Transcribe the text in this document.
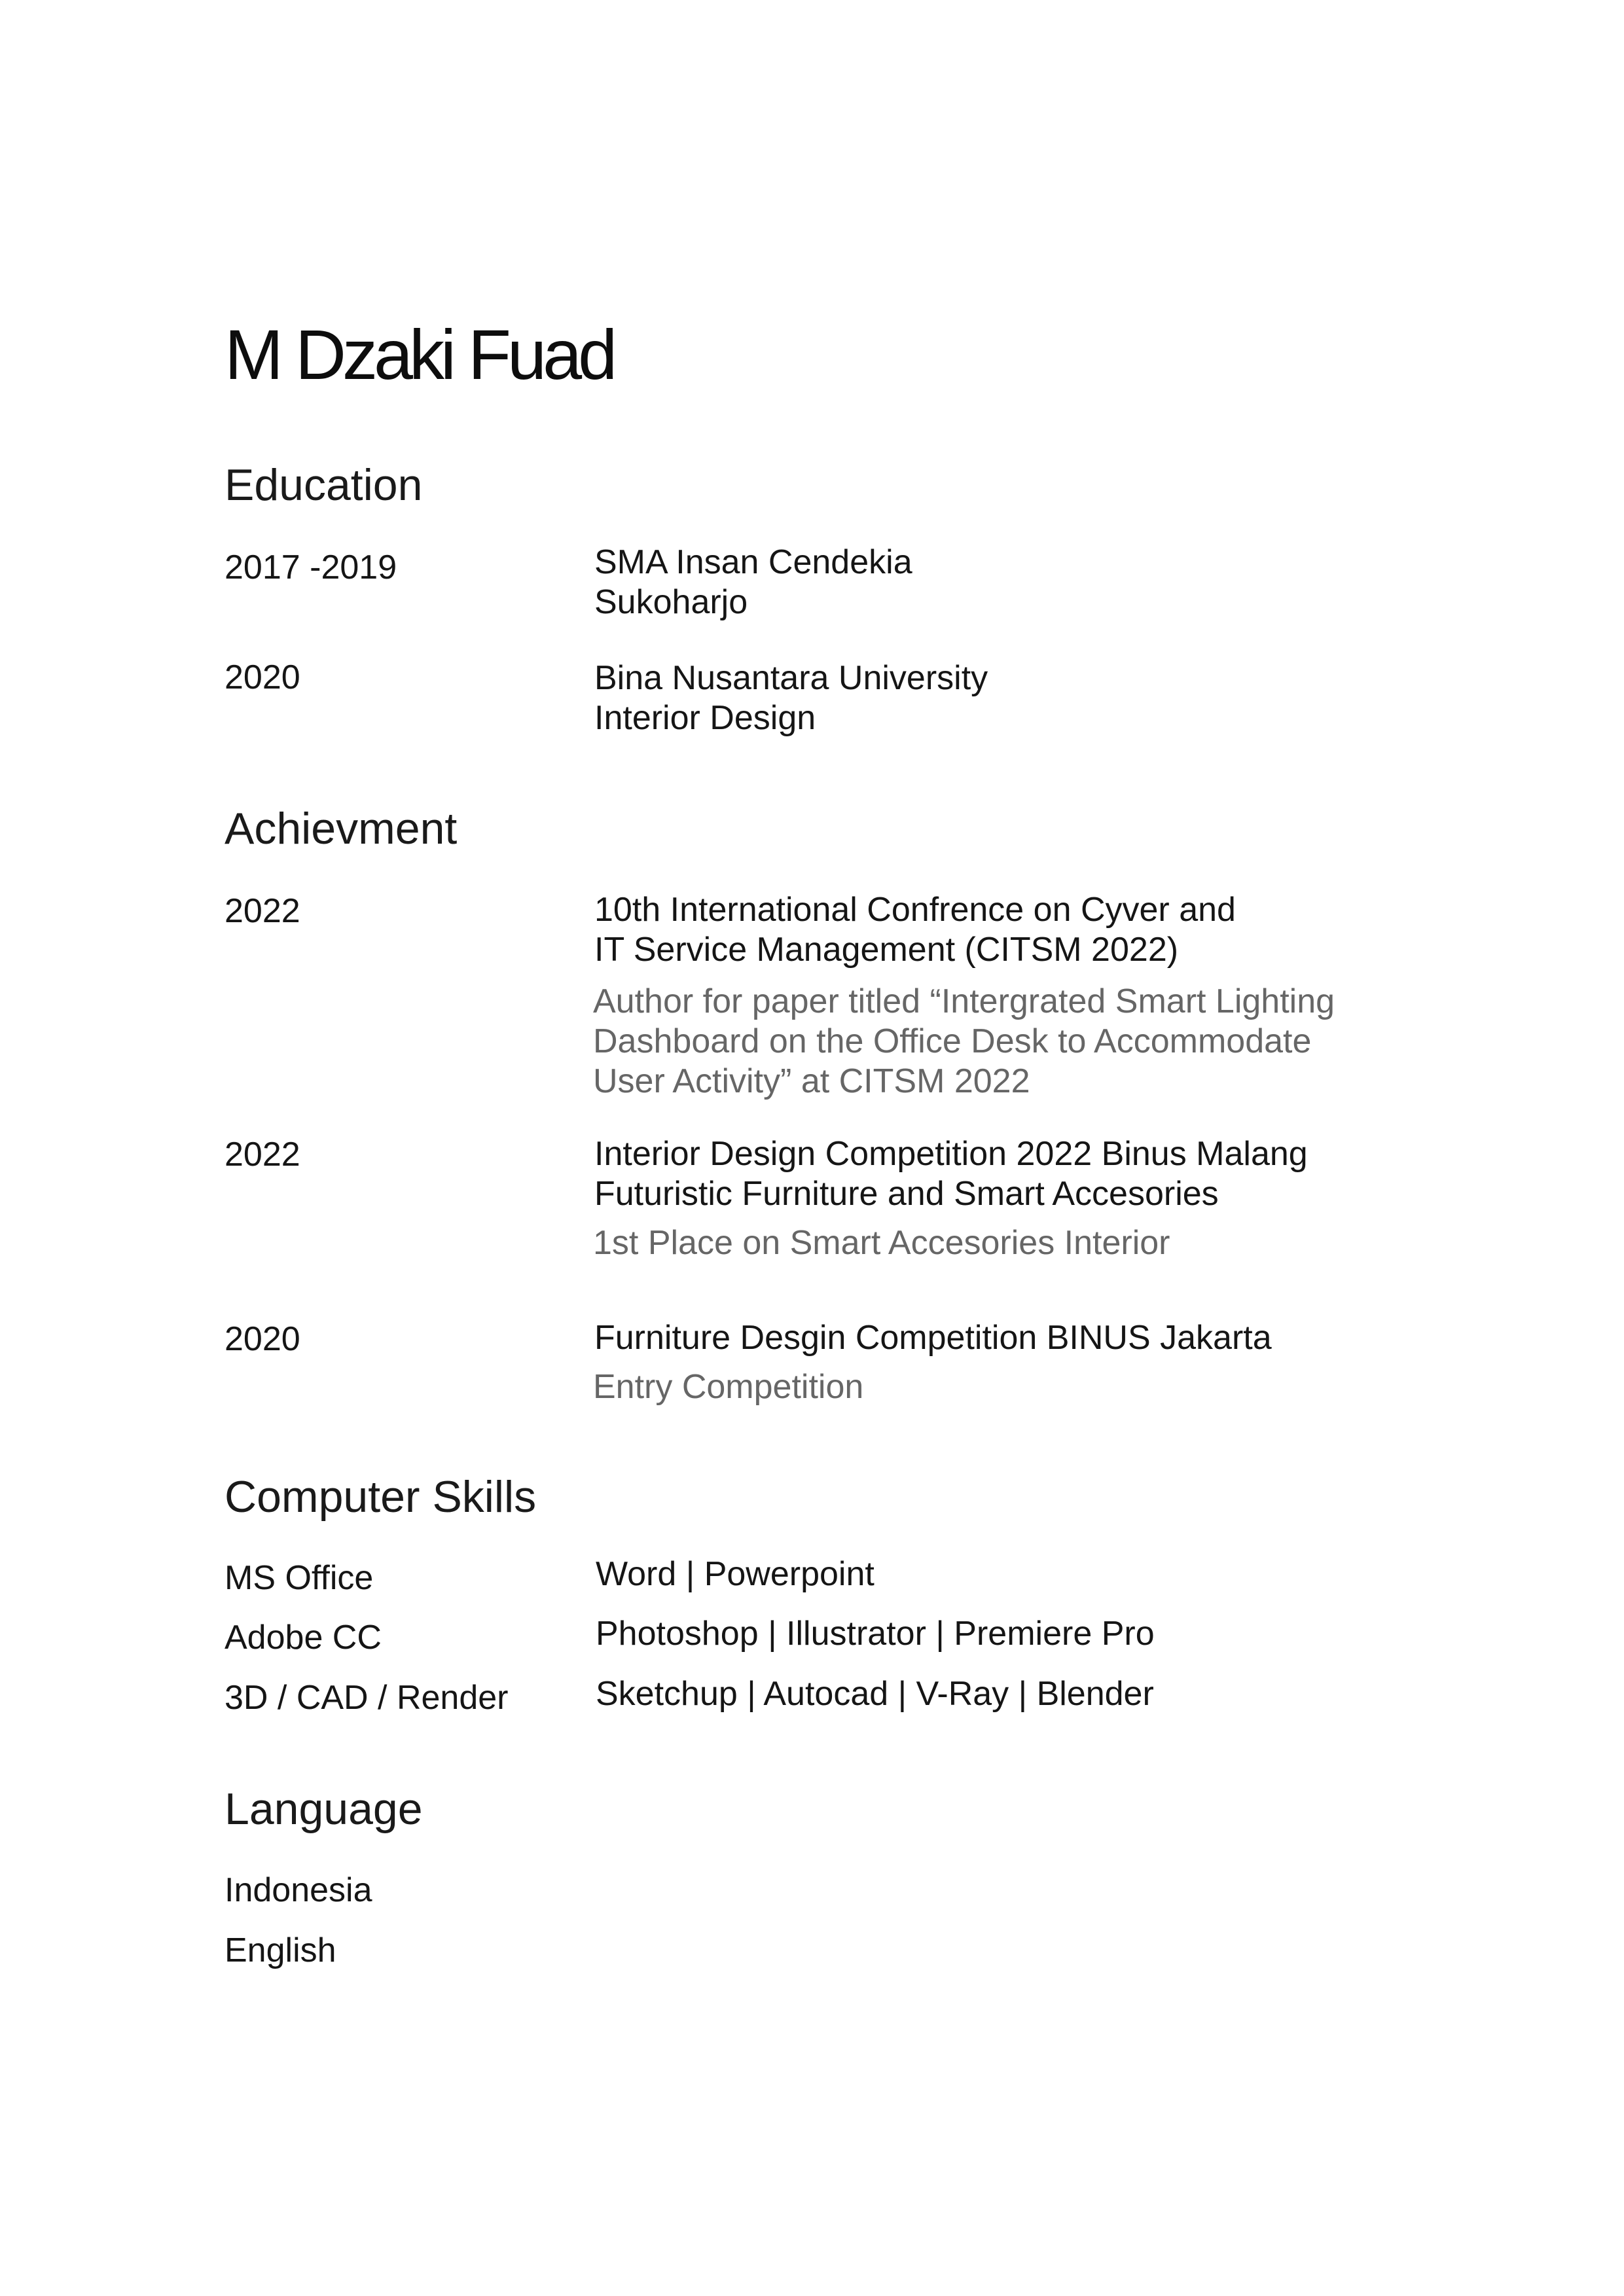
M Dzaki Fuad
Education
2017 -2019	SMA Insan Cendekia
Sukoharjo
2020	Bina Nusantara University
Interior Design
Achievment
2022	10th International Confrence on Cyver and
IT Service Management (CITSM 2022)
Author for paper titled “Intergrated Smart Lighting
Dashboard on the Office Desk to Accommodate
User Activity” at CITSM 2022
2022	Interior Design Competition 2022 Binus Malang
Futuristic Furniture and Smart Accesories
1st Place on Smart Accesories Interior
2020	Furniture Desgin Competition BINUS Jakarta
Entry Competition
Computer Skills
MS Office	Word | Powerpoint
Adobe CC	Photoshop | Illustrator | Premiere Pro
3D / CAD / Render	Sketchup | Autocad | V-Ray | Blender
Language
Indonesia
English
